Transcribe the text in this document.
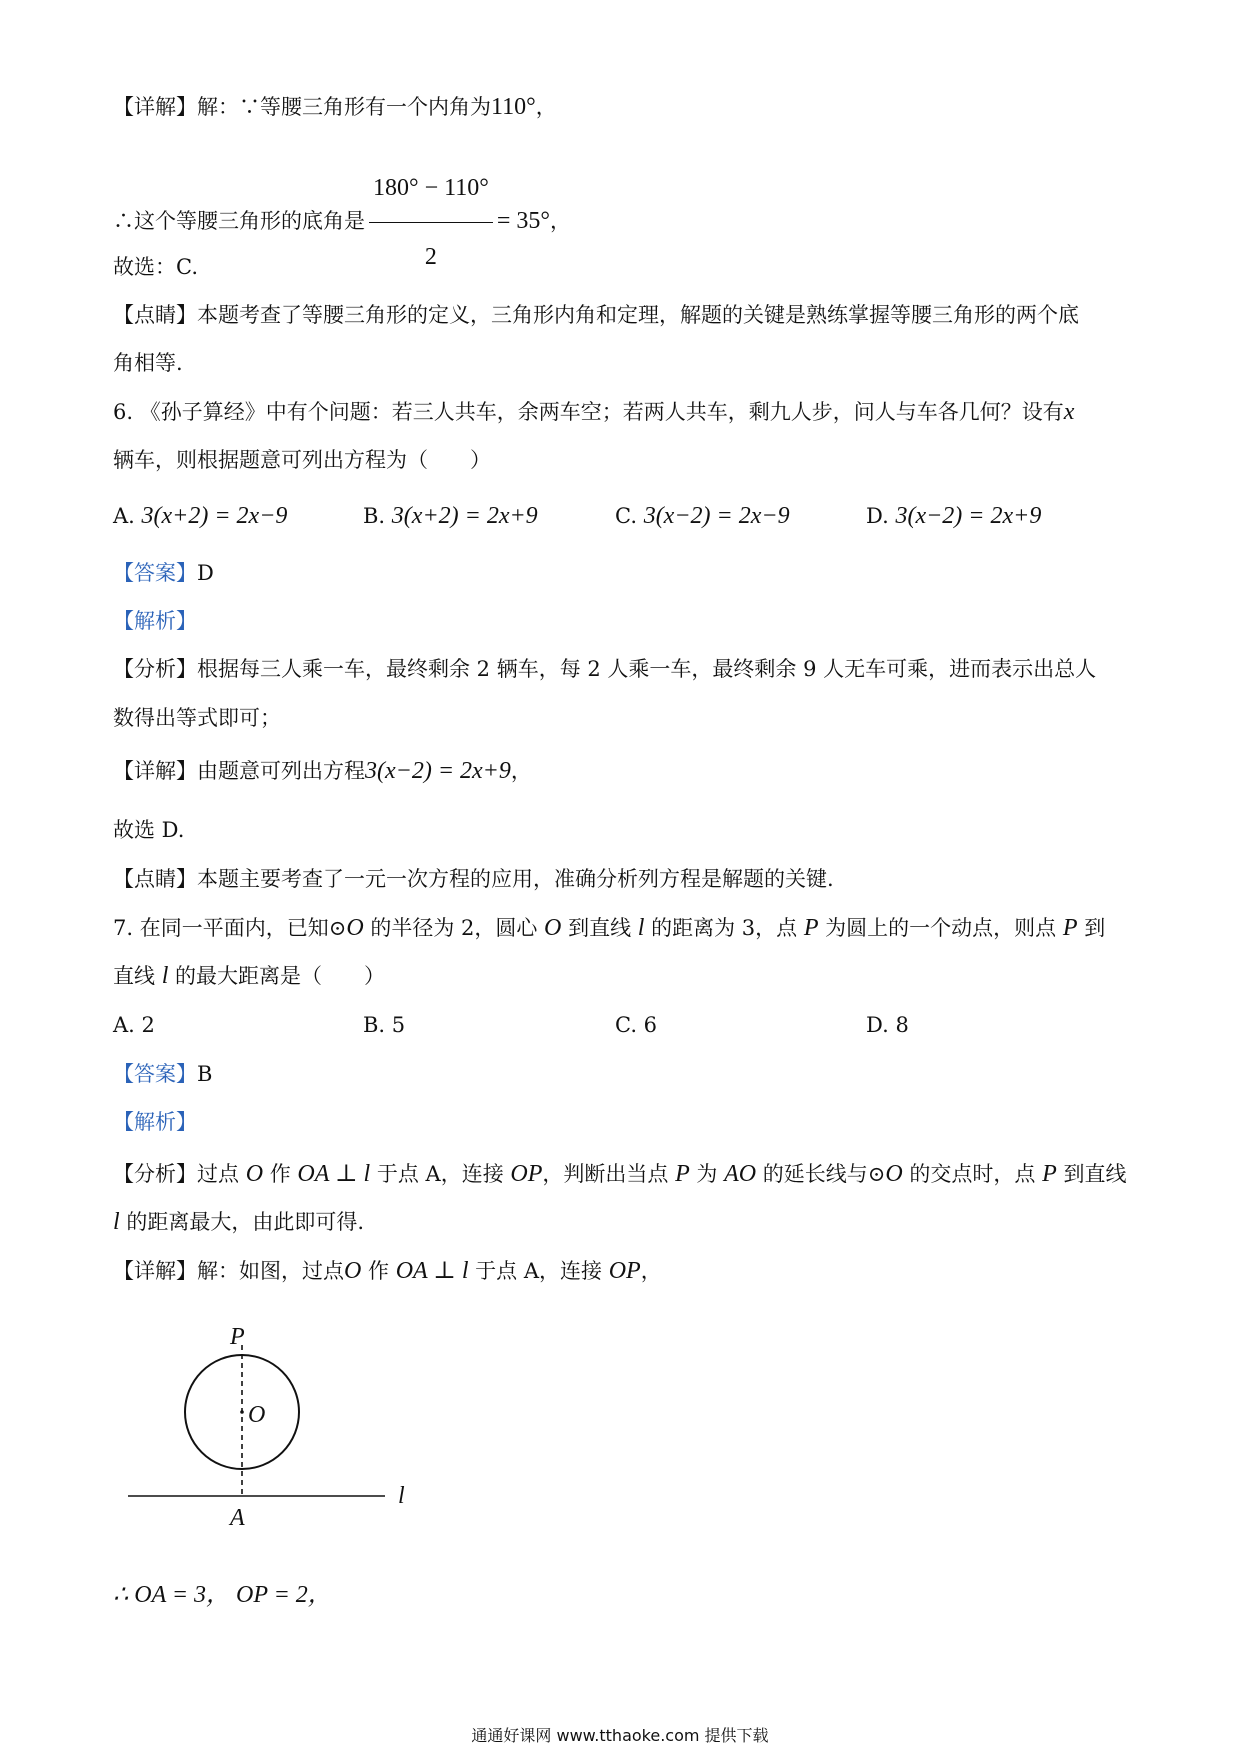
【详解】解：∵等腰三角形有一个内角为110°，
∴这个等腰三角形的底角是 $\frac{180^\circ - 110^\circ}{2} = 35^\circ$，
故选：C.
【点睛】本题考查了等腰三角形的定义，三角形内角和定理，解题的关键是熟练掌握等腰三角形的两个底
角相等.
6. 《孙子算经》中有个问题：若三人共车，余两车空；若两人共车，剩九人步，问人与车各几何？设有x
辆车，则根据题意可列出方程为（　　）
A. 3(x+2) = 2x−9	B. 3(x+2) = 2x+9	C. 3(x−2) = 2x−9	D. 3(x−2) = 2x+9
【答案】D
【解析】
【分析】根据每三人乘一车，最终剩余 2 辆车，每 2 人乘一车，最终剩余 9 人无车可乘，进而表示出总人
数得出等式即可；
【详解】由题意可列出方程3(x−2) = 2x+9，
故选 D.
【点睛】本题主要考查了一元一次方程的应用，准确分析列方程是解题的关键.
7. 在同一平面内，已知⊙O 的半径为 2，圆心 O 到直线 l 的距离为 3，点 P 为圆上的一个动点，则点 P 到
直线 l 的最大距离是（　　）
A. 2	B. 5	C. 6	D. 8
【答案】B
【解析】
【分析】过点 O 作 OA ⊥ l 于点 A，连接 OP，判断出当点 P 为 AO 的延长线与⊙O 的交点时，点 P 到直线
l 的距离最大，由此即可得.
【详解】解：如图，过点O 作 OA ⊥ l 于点 A，连接 OP，
P
O
A
l
∴ OA = 3， OP = 2，
通通好课网 www.tthaoke.com 提供下载
